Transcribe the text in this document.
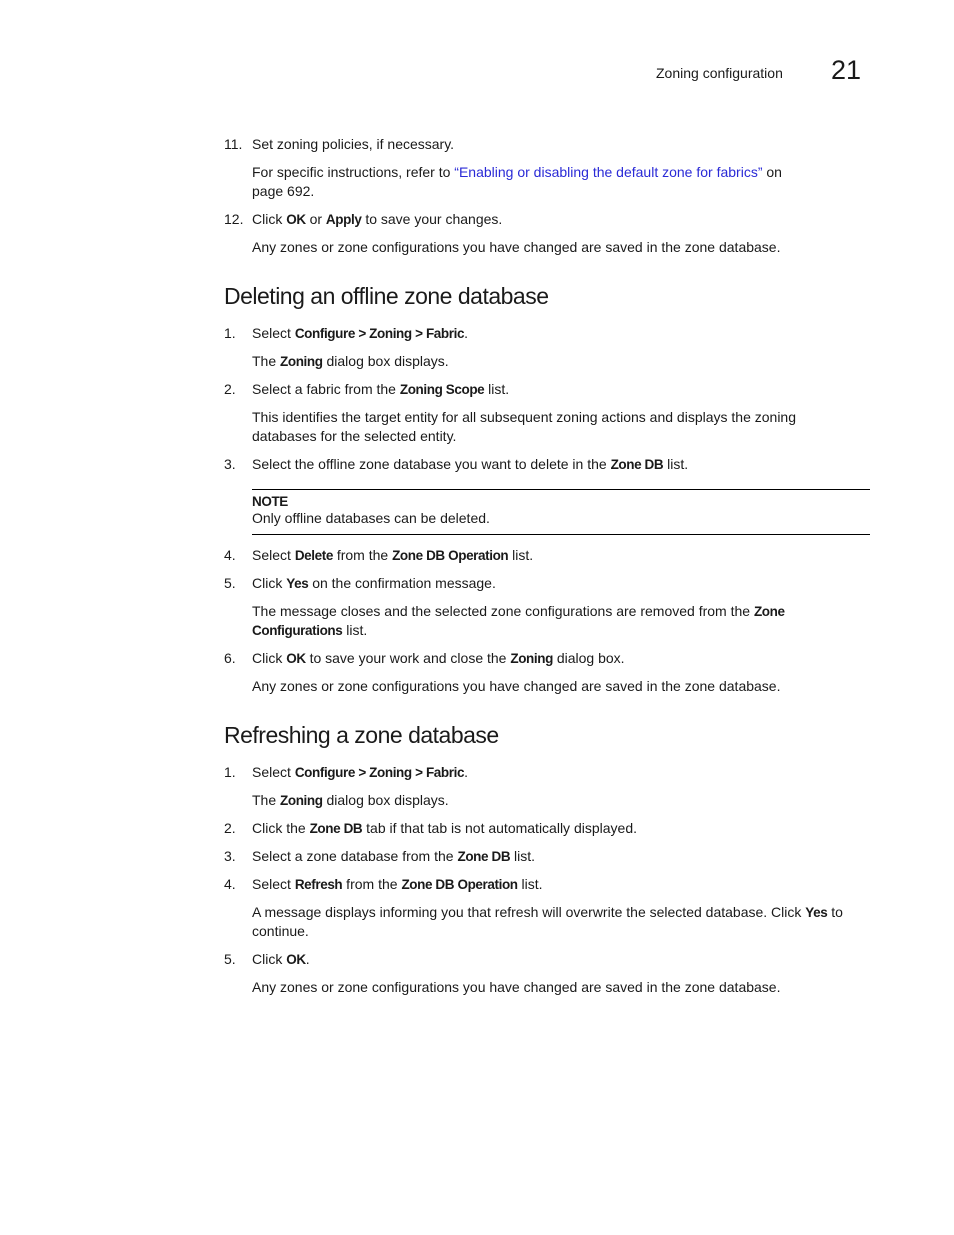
Zoning configuration 21
11. Set zoning policies, if necessary.
For specific instructions, refer to “Enabling or disabling the default zone for fabrics” on
page 692.
12. Click OK or Apply to save your changes.
Any zones or zone configurations you have changed are saved in the zone database.
Deleting an offline zone database
1. Select Configure > Zoning > Fabric.
The Zoning dialog box displays.
2. Select a fabric from the Zoning Scope list.
This identifies the target entity for all subsequent zoning actions and displays the zoning
databases for the selected entity.
3. Select the offline zone database you want to delete in the Zone DB list.
NOTE
Only offline databases can be deleted.
4. Select Delete from the Zone DB Operation list.
5. Click Yes on the confirmation message.
The message closes and the selected zone configurations are removed from the Zone
Configurations list.
6. Click OK to save your work and close the Zoning dialog box.
Any zones or zone configurations you have changed are saved in the zone database.
Refreshing a zone database
1. Select Configure > Zoning > Fabric.
The Zoning dialog box displays.
2. Click the Zone DB tab if that tab is not automatically displayed.
3. Select a zone database from the Zone DB list.
4. Select Refresh from the Zone DB Operation list.
A message displays informing you that refresh will overwrite the selected database. Click Yes to
continue.
5. Click OK.
Any zones or zone configurations you have changed are saved in the zone database.
